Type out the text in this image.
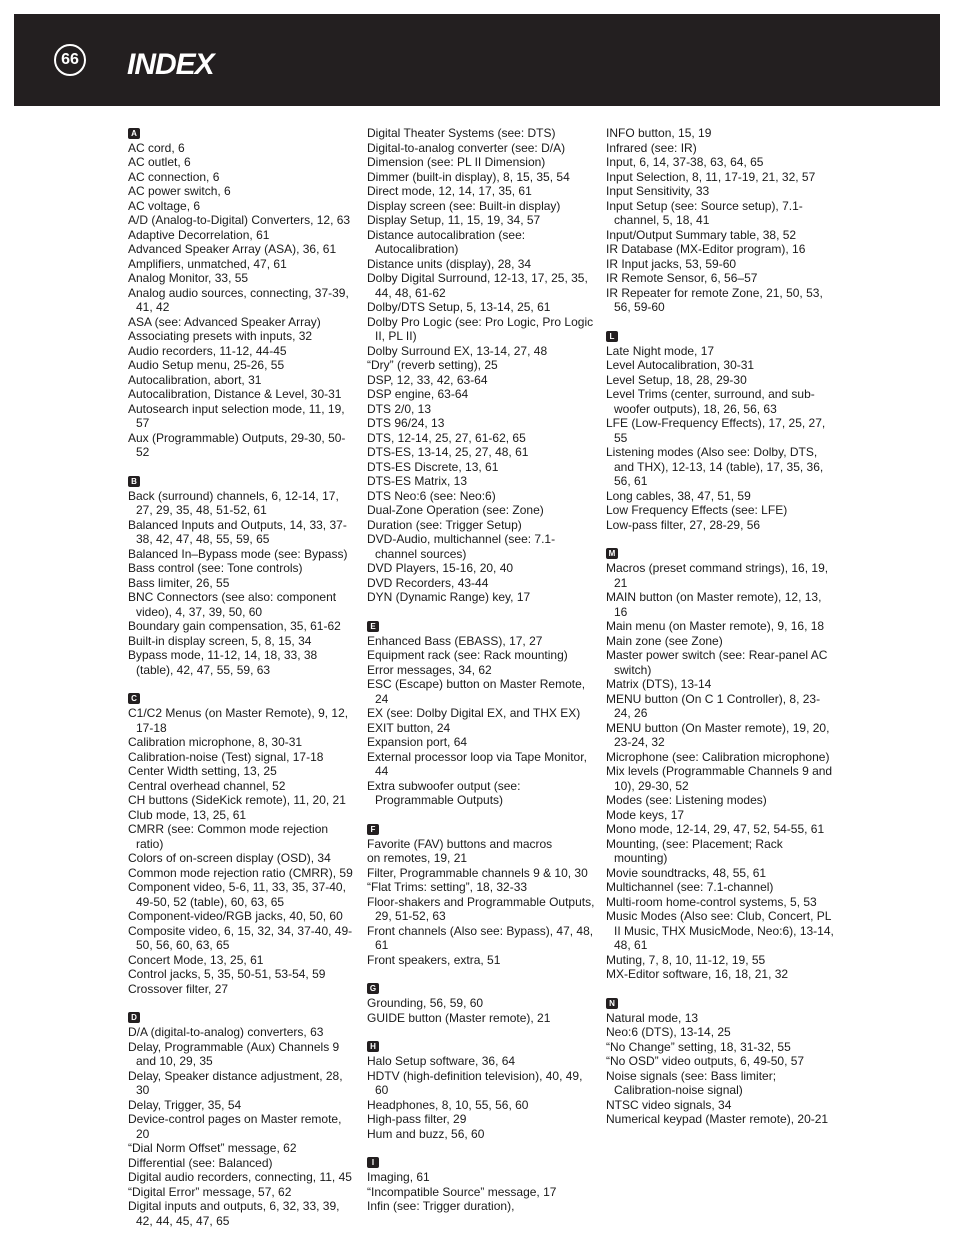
66 INDEX
A
AC cord, 6
AC outlet, 6
AC connection, 6
AC power switch, 6
AC voltage, 6
A/D (Analog-to-Digital) Converters, 12, 63
Adaptive Decorrelation, 61
Advanced Speaker Array (ASA), 36, 61
Amplifiers, unmatched, 47, 61
Analog Monitor, 33, 55
Analog audio sources, connecting, 37-39, 41, 42
ASA (see: Advanced Speaker Array)
Associating presets with inputs, 32
Audio recorders, 11-12, 44-45
Audio Setup menu, 25-26, 55
Autocalibration, abort, 31
Autocalibration, Distance & Level, 30-31
Autosearch input selection mode, 11, 19, 57
Aux (Programmable) Outputs, 29-30, 50-52
B
Back (surround) channels, 6, 12-14, 17, 27, 29, 35, 48, 51-52, 61
Balanced Inputs and Outputs, 14, 33, 37-38, 42, 47, 48, 55, 59, 65
Balanced In–Bypass mode (see: Bypass)
Bass control (see: Tone controls)
Bass limiter, 26, 55
BNC Connectors (see also: component video), 4, 37, 39, 50, 60
Boundary gain compensation, 35, 61-62
Built-in display screen, 5, 8, 15, 34
Bypass mode, 11-12, 14, 18, 33, 38 (table), 42, 47, 55, 59, 63
C
C1/C2 Menus (on Master Remote), 9, 12, 17-18
Calibration microphone, 8, 30-31
Calibration-noise (Test) signal, 17-18
Center Width setting, 13, 25
Central overhead channel, 52
CH buttons (SideKick remote), 11, 20, 21
Club mode, 13, 25, 61
CMRR (see: Common mode rejection ratio)
Colors of on-screen display (OSD), 34
Common mode rejection ratio (CMRR), 59
Component video, 5-6, 11, 33, 35, 37-40, 49-50, 52 (table), 60, 63, 65
Component-video/RGB jacks, 40, 50, 60
Composite video, 6, 15, 32, 34, 37-40, 49-50, 56, 60, 63, 65
Concert Mode, 13, 25, 61
Control jacks, 5, 35, 50-51, 53-54, 59
Crossover filter, 27
D
D/A (digital-to-analog) converters, 63
Delay, Programmable (Aux) Channels 9 and 10, 29, 35
Delay, Speaker distance adjustment, 28, 30
Delay, Trigger, 35, 54
Device-control pages on Master remote, 20
“Dial Norm Offset” message, 62
Differential (see: Balanced)
Digital audio recorders, connecting, 11, 45
“Digital Error” message, 57, 62
Digital inputs and outputs, 6, 32, 33, 39, 42, 44, 45, 47, 65
Digital Theater Systems (see: DTS)
Digital-to-analog converter (see: D/A)
Dimension (see: PL II Dimension)
Dimmer (built-in display), 8, 15, 35, 54
Direct mode, 12, 14, 17, 35, 61
Display screen (see: Built-in display)
Display Setup, 11, 15, 19, 34, 57
Distance autocalibration (see: Autocalibration)
Distance units (display), 28, 34
Dolby Digital Surround, 12-13, 17, 25, 35, 44, 48, 61-62
Dolby/DTS Setup, 5, 13-14, 25, 61
Dolby Pro Logic (see: Pro Logic, Pro Logic II, PL II)
Dolby Surround EX, 13-14, 27, 48
“Dry” (reverb setting), 25
DSP, 12, 33, 42, 63-64
DSP engine, 63-64
DTS 2/0, 13
DTS 96/24, 13
DTS, 12-14, 25, 27, 61-62, 65
DTS-ES, 13-14, 25, 27, 48, 61
DTS-ES Discrete, 13, 61
DTS-ES Matrix, 13
DTS Neo:6 (see: Neo:6)
Dual-Zone Operation (see: Zone)
Duration (see: Trigger Setup)
DVD-Audio, multichannel (see: 7.1-channel sources)
DVD Players, 15-16, 20, 40
DVD Recorders, 43-44
DYN (Dynamic Range) key, 17
E
Enhanced Bass (EBASS), 17, 27
Equipment rack (see: Rack mounting)
Error messages, 34, 62
ESC (Escape) button on Master Remote, 24
EX (see: Dolby Digital EX, and THX EX)
EXIT button, 24
Expansion port, 64
External processor loop via Tape Monitor, 44
Extra subwoofer output (see: Programmable Outputs)
F
Favorite (FAV) buttons and macros
on remotes, 19, 21
Filter, Programmable channels 9 & 10, 30
“Flat Trims: setting”, 18, 32-33
Floor-shakers and Programmable Outputs, 29, 51-52, 63
Front channels (Also see: Bypass), 47, 48, 61
Front speakers, extra, 51
G
Grounding, 56, 59, 60
GUIDE button (Master remote), 21
H
Halo Setup software, 36, 64
HDTV (high-definition television), 40, 49, 60
Headphones, 8, 10, 55, 56, 60
High-pass filter, 29
Hum and buzz, 56, 60
I
Imaging, 61
“Incompatible Source” message, 17
Infin (see: Trigger duration),
INFO button, 15, 19
Infrared (see: IR)
Input, 6, 14, 37-38, 63, 64, 65
Input Selection, 8, 11, 17-19, 21, 32, 57
Input Sensitivity, 33
Input Setup (see: Source setup), 7.1-channel, 5, 18, 41
Input/Output Summary table, 38, 52
IR Database (MX-Editor program), 16
IR Input jacks, 53, 59-60
IR Remote Sensor, 6, 56–57
IR Repeater for remote Zone, 21, 50, 53, 56, 59-60
L
Late Night mode, 17
Level Autocalibration, 30-31
Level Setup, 18, 28, 29-30
Level Trims (center, surround, and sub-woofer outputs), 18, 26, 56, 63
LFE (Low-Frequency Effects), 17, 25, 27, 55
Listening modes (Also see: Dolby, DTS, and THX), 12-13, 14 (table), 17, 35, 36, 56, 61
Long cables, 38, 47, 51, 59
Low Frequency Effects (see: LFE)
Low-pass filter, 27, 28-29, 56
M
Macros (preset command strings), 16, 19, 21
MAIN button (on Master remote), 12, 13, 16
Main menu (on Master remote), 9, 16, 18
Main zone (see Zone)
Master power switch (see: Rear-panel AC switch)
Matrix (DTS), 13-14
MENU button (On C 1 Controller), 8, 23-24, 26
MENU button (On Master remote), 19, 20, 23-24, 32
Microphone (see: Calibration microphone)
Mix levels (Programmable Channels 9 and 10), 29-30, 52
Modes (see: Listening modes)
Mode keys, 17
Mono mode, 12-14, 29, 47, 52, 54-55, 61
Mounting, (see: Placement; Rack mounting)
Movie soundtracks, 48, 55, 61
Multichannel (see: 7.1-channel)
Multi-room home-control systems, 5, 53
Music Modes (Also see: Club, Concert, PL II Music, THX MusicMode, Neo:6), 13-14, 48, 61
Muting, 7, 8, 10, 11-12, 19, 55
MX-Editor software, 16, 18, 21, 32
N
Natural mode, 13
Neo:6 (DTS), 13-14, 25
“No Change” setting, 18, 31-32, 55
“No OSD” video outputs, 6, 49-50, 57
Noise signals (see: Bass limiter; Calibration-noise signal)
NTSC video signals, 34
Numerical keypad (Master remote), 20-21
